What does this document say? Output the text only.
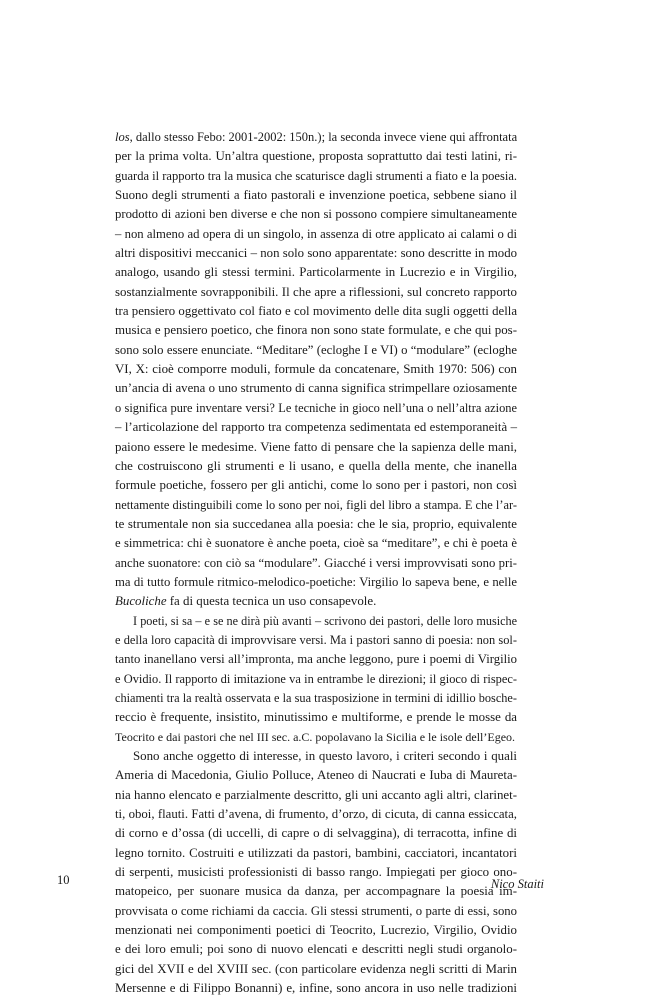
los, dallo stesso Febo: 2001-2002: 150n.); la seconda invece viene qui affrontata
per la prima volta. Un’altra questione, proposta soprattutto dai testi latini, ri-
guarda il rapporto tra la musica che scaturisce dagli strumenti a fiato e la poesia.
Suono degli strumenti a fiato pastorali e invenzione poetica, sebbene siano il
prodotto di azioni ben diverse e che non si possono compiere simultaneamente
– non almeno ad opera di un singolo, in assenza di otre applicato ai calami o di
altri dispositivi meccanici – non solo sono apparentate: sono descritte in modo
analogo, usando gli stessi termini. Particolarmente in Lucrezio e in Virgilio,
sostanzialmente sovrapponibili. Il che apre a riflessioni, sul concreto rapporto
tra pensiero oggettivato col fiato e col movimento delle dita sugli oggetti della
musica e pensiero poetico, che finora non sono state formulate, e che qui pos-
sono solo essere enunciate. “Meditare” (ecloghe I e VI) o “modulare” (ecloghe
VI, X: cioè comporre moduli, formule da concatenare, Smith 1970: 506) con
un’ancia di avena o uno strumento di canna significa strimpellare oziosamente
o significa pure inventare versi? Le tecniche in gioco nell’una o nell’altra azione
– l’articolazione del rapporto tra competenza sedimentata ed estemporaneità –
paiono essere le medesime. Viene fatto di pensare che la sapienza delle mani,
che costruiscono gli strumenti e li usano, e quella della mente, che inanella
formule poetiche, fossero per gli antichi, come lo sono per i pastori, non così
nettamente distinguibili come lo sono per noi, figli del libro a stampa. E che l’ar-
te strumentale non sia succedanea alla poesia: che le sia, proprio, equivalente
e simmetrica: chi è suonatore è anche poeta, cioè sa “meditare”, e chi è poeta è
anche suonatore: con ciò sa “modulare”. Giacché i versi improvvisati sono pri-
ma di tutto formule ritmico-melodico-poetiche: Virgilio lo sapeva bene, e nelle
Bucoliche fa di questa tecnica un uso consapevole.
I poeti, si sa – e se ne dirà più avanti – scrivono dei pastori, delle loro musiche
e della loro capacità di improvvisare versi. Ma i pastori sanno di poesia: non sol-
tanto inanellano versi all’impronta, ma anche leggono, pure i poemi di Virgilio
e Ovidio. Il rapporto di imitazione va in entrambe le direzioni; il gioco di rispec-
chiamenti tra la realtà osservata e la sua trasposizione in termini di idillio bosche-
reccio è frequente, insistito, minutissimo e multiforme, e prende le mosse da
Teocrito e dai pastori che nel III sec. a.C. popolavano la Sicilia e le isole dell’Egeo.
Sono anche oggetto di interesse, in questo lavoro, i criteri secondo i quali
Ameria di Macedonia, Giulio Polluce, Ateneo di Naucrati e Iuba di Maureta-
nia hanno elencato e parzialmente descritto, gli uni accanto agli altri, clarinet-
ti, oboi, flauti. Fatti d’avena, di frumento, d’orzo, di cicuta, di canna essiccata,
di corno e d’ossa (di uccelli, di capre o di selvaggina), di terracotta, infine di
legno tornito. Costruiti e utilizzati da pastori, bambini, cacciatori, incantatori
di serpenti, musicisti professionisti di basso rango. Impiegati per gioco ono-
matopeico, per suonare musica da danza, per accompagnare la poesia im-
provvisata o come richiami da caccia. Gli stessi strumenti, o parte di essi, sono
menzionati nei componimenti poetici di Teocrito, Lucrezio, Virgilio, Ovidio
e dei loro emuli; poi sono di nuovo elencati e descritti negli studi organolo-
gici del XVII e del XVIII sec. (con particolare evidenza negli scritti di Marin
Mersenne e di Filippo Bonanni) e, infine, sono ancora in uso nelle tradizioni
10	Nico Staiti
